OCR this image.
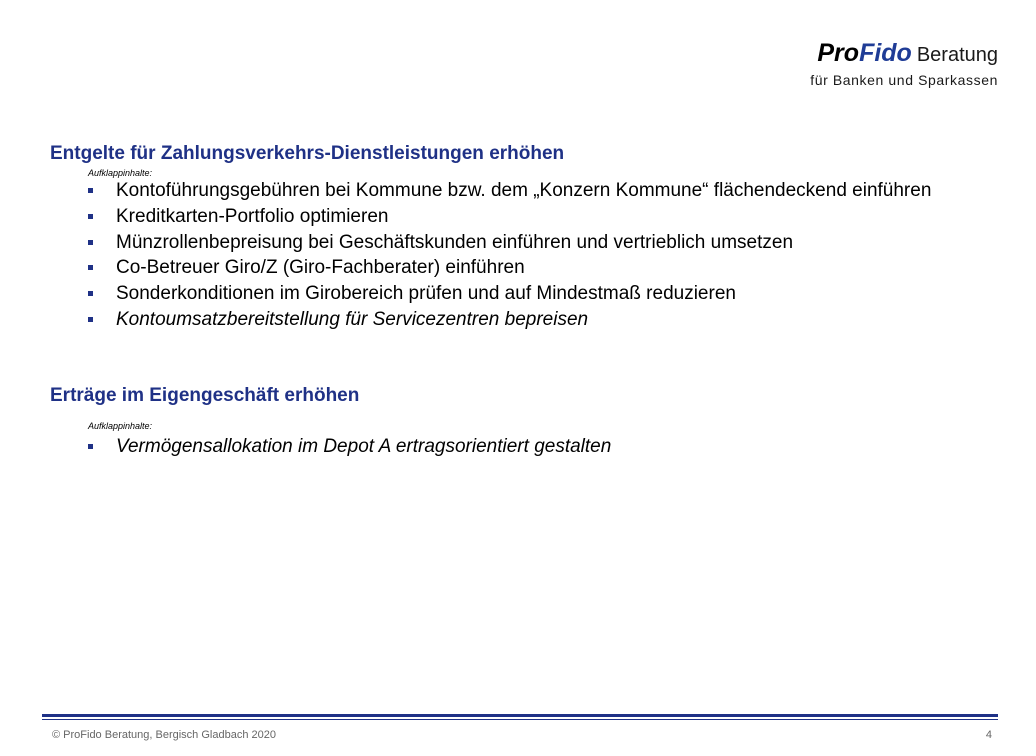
ProFido Beratung
für Banken und Sparkassen
Entgelte für Zahlungsverkehrs-Dienstleistungen erhöhen
Aufklappinhalte:
Kontoführungsgebühren bei Kommune bzw. dem „Konzern Kommune“ flächendeckend einführen
Kreditkarten-Portfolio optimieren
Münzrollenbepreisung bei Geschäftskunden einführen und vertrieblich umsetzen
Co-Betreuer Giro/Z (Giro-Fachberater) einführen
Sonderkonditionen im Girobereich prüfen und auf Mindestmaß reduzieren
Kontoumsatzbereitstellung für Servicezentren bepreisen
Erträge im Eigengeschäft erhöhen
Aufklappinhalte:
Vermögensallokation im Depot A ertragsorientiert gestalten
© ProFido Beratung, Bergisch Gladbach 2020	4
